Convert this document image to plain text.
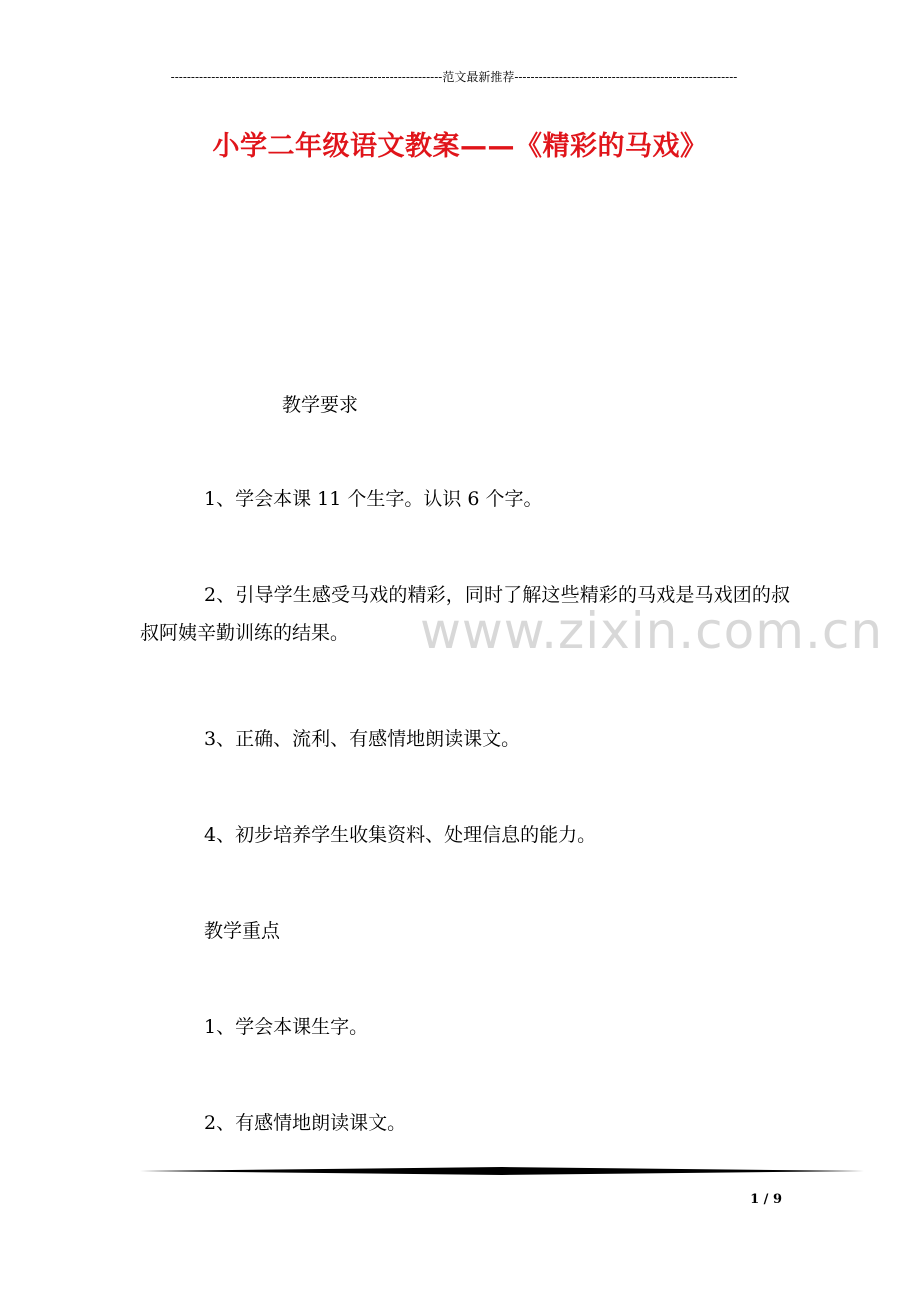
-------------------------------------------------------------------范文最新推荐-------------------------------------------------------
小学二年级语文教案——《精彩的马戏》
www.zixin.com.cn
教学要求
1、学会本课 11 个生字。认识 6 个字。
2、引导学生感受马戏的精彩，同时了解这些精彩的马戏是马戏团的叔叔阿姨辛勤训练的结果。
3、正确、流利、有感情地朗读课文。
4、初步培养学生收集资料、处理信息的能力。
教学重点
1、学会本课生字。
2、有感情地朗读课文。
1 / 9
